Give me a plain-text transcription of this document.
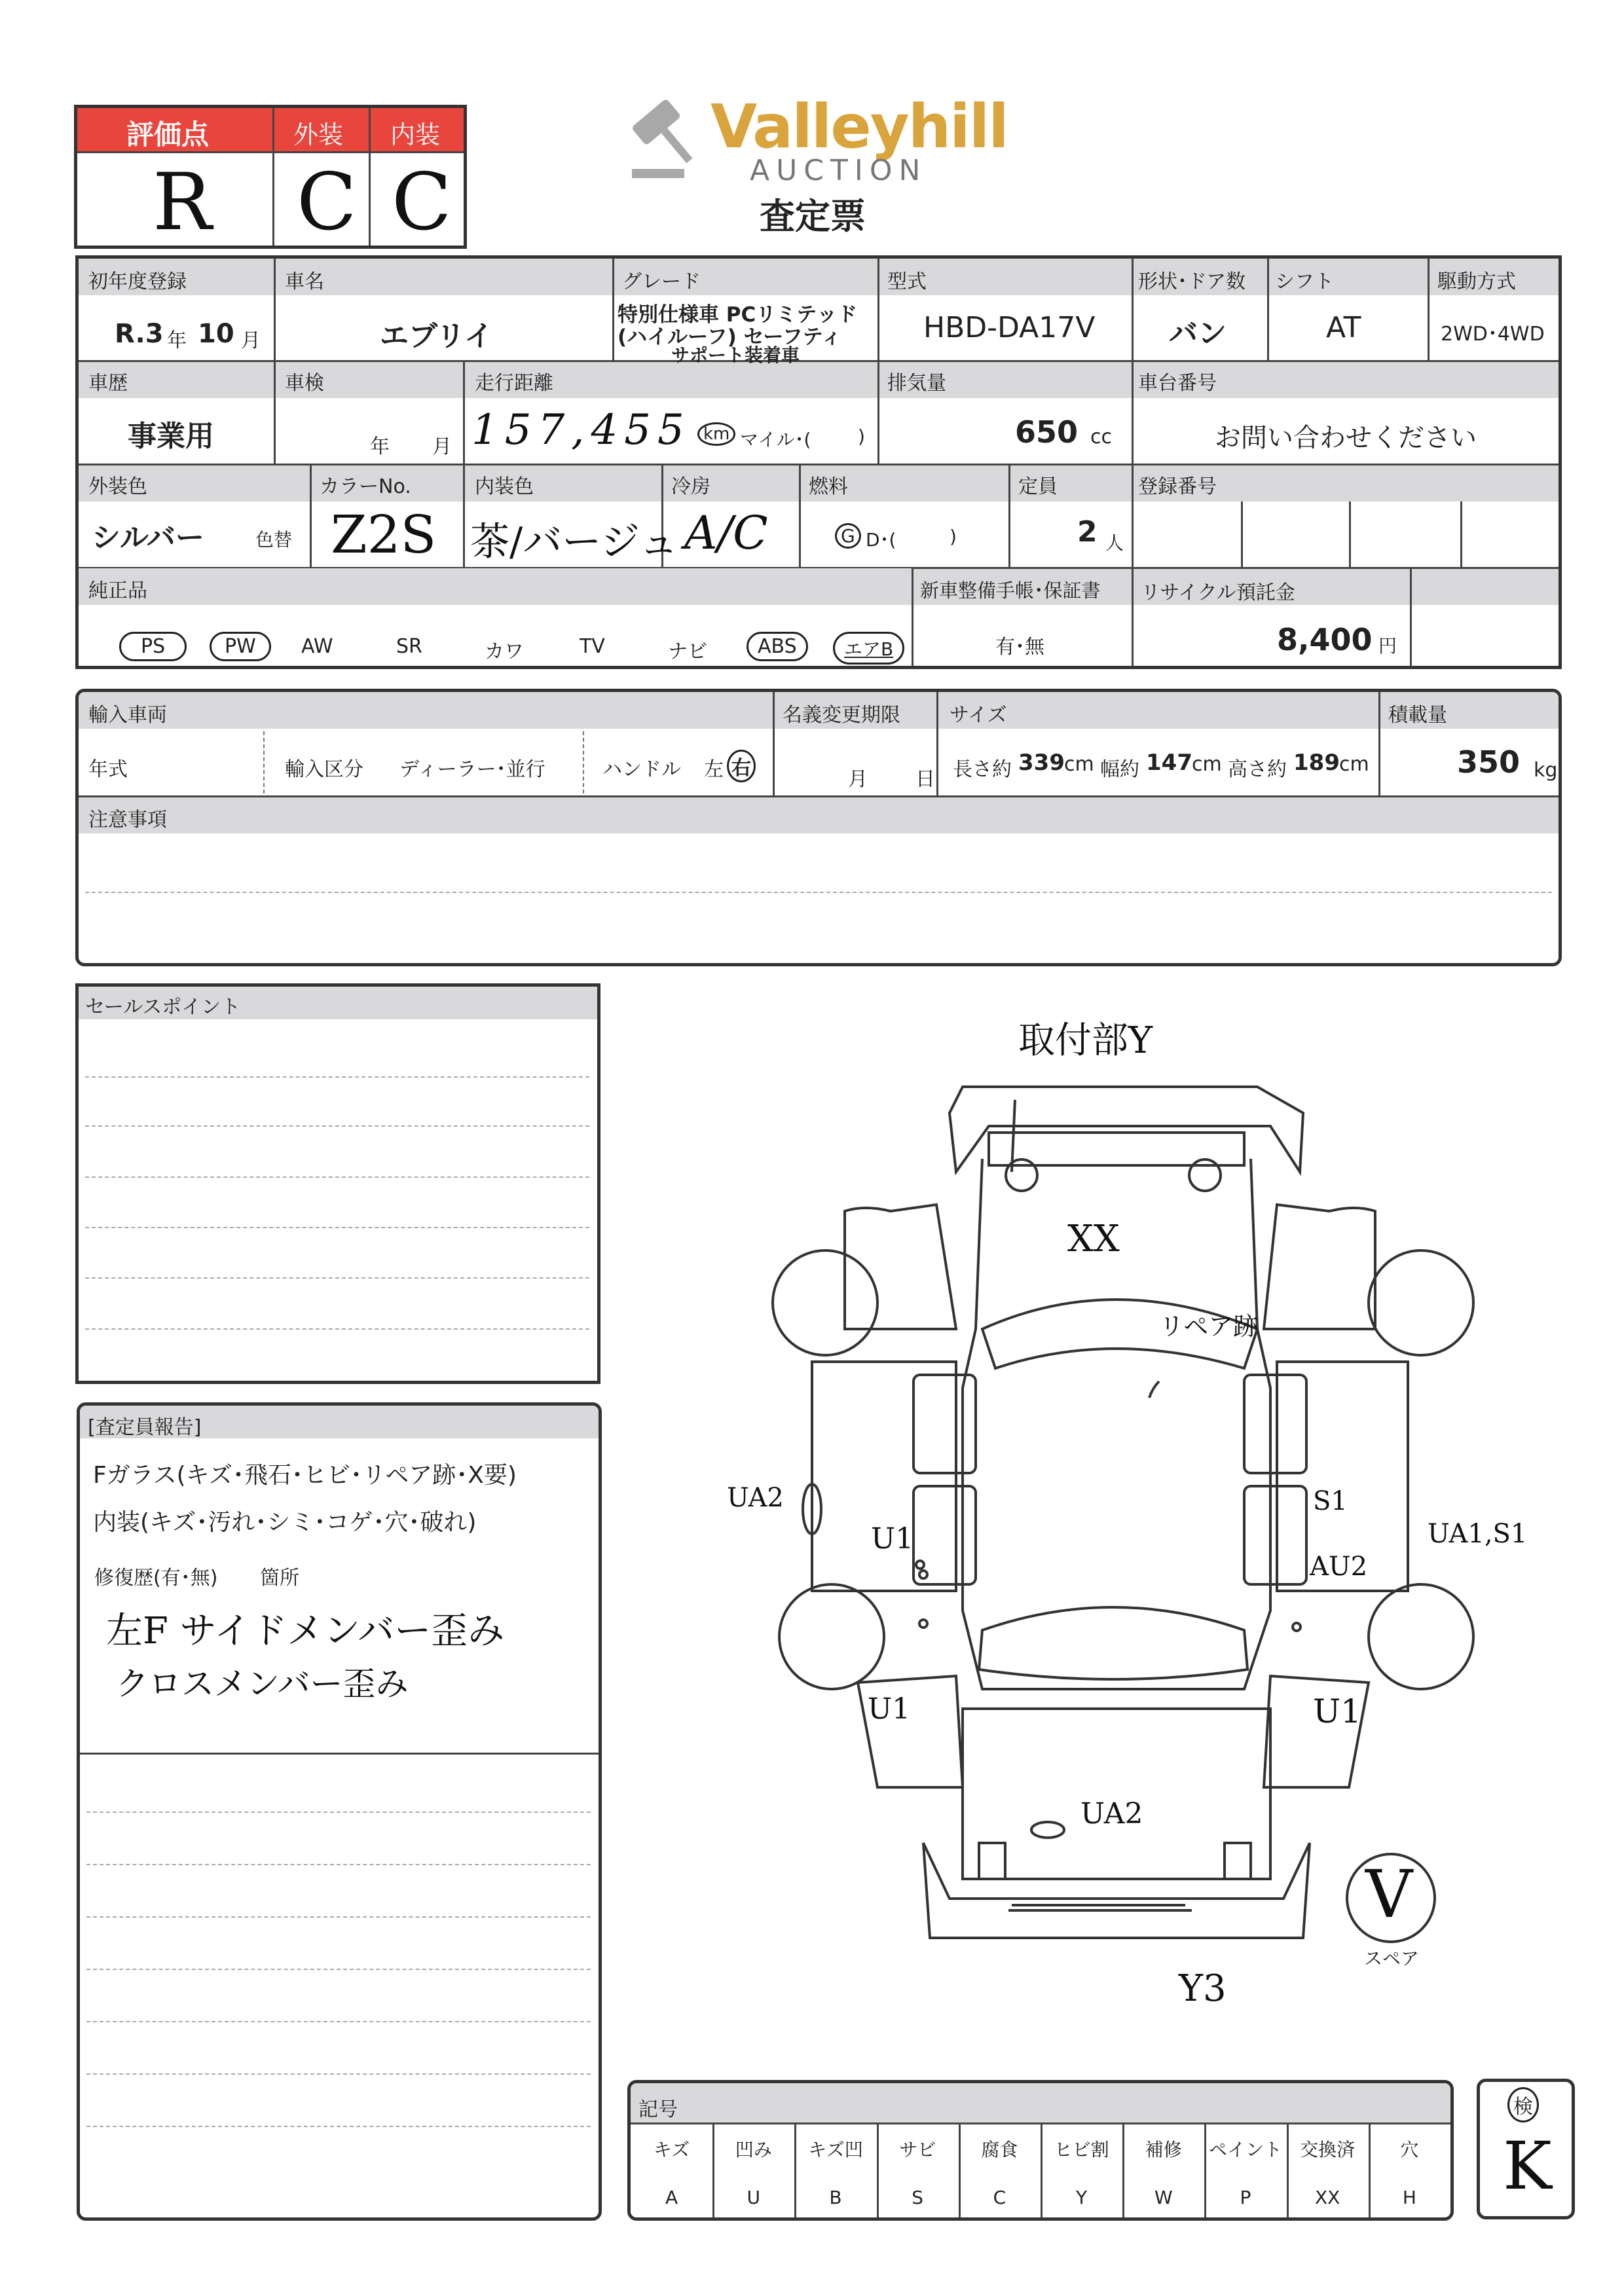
評価点	外装 内装
R C C
Valleyhill
AUCTION
査定票
初年度登録
R.3 年 10 月
車名
エブリイ
グレード
特別仕様車 PCリミテッド
(ハイルーフ) セーフティ
サポート装着車
型式
HBD-DA17V
形状･ドア数
バン
シフト
AT
駆動方式
2WD･4WD
車歴
事業用
車検
年 月
走行距離
157,455 km マイル･(	)
排気量
650 cc
車台番号
お問い合わせください
外装色
シルバー	色替
カラーNo.
Z2S
内装色
茶/バージュ
冷房
A/C
燃料
G D･(	)
定員
2 人
登録番号
純正品
PS	PW	AW	SR	カワ	TV	ナビ	ABS	エアB
新車整備手帳･保証書
有･無
リサイクル預託金
8,400 円
輸入車両
年式	輸入区分 ディーラー･並行	ハンドル 左 右
名義変更期限
月 日
サイズ
長さ約 339 cm 幅約 147 cm 高さ約 189 cm
積載量
350 kg
注意事項
セールスポイント
[査定員報告]
Fガラス(キズ･飛石･ヒビ･リペア跡･X要)
内装(キズ･汚れ･シミ･コゲ･穴･破れ)
修復歴(有･無) 箇所
左F サイドメンバー歪み
クロスメンバー歪み
取付部Y
XX
リペア跡
UA2
U1
S1
AU2
UA1,S1
U1	U1
UA2
Y3
V
スペア
記号
キズ
A
凹み
U
キズ凹
B
サビ
S
腐食
C
ヒビ割
Y
補修
W
ペイント
P
交換済
XX
穴
H
検
K
